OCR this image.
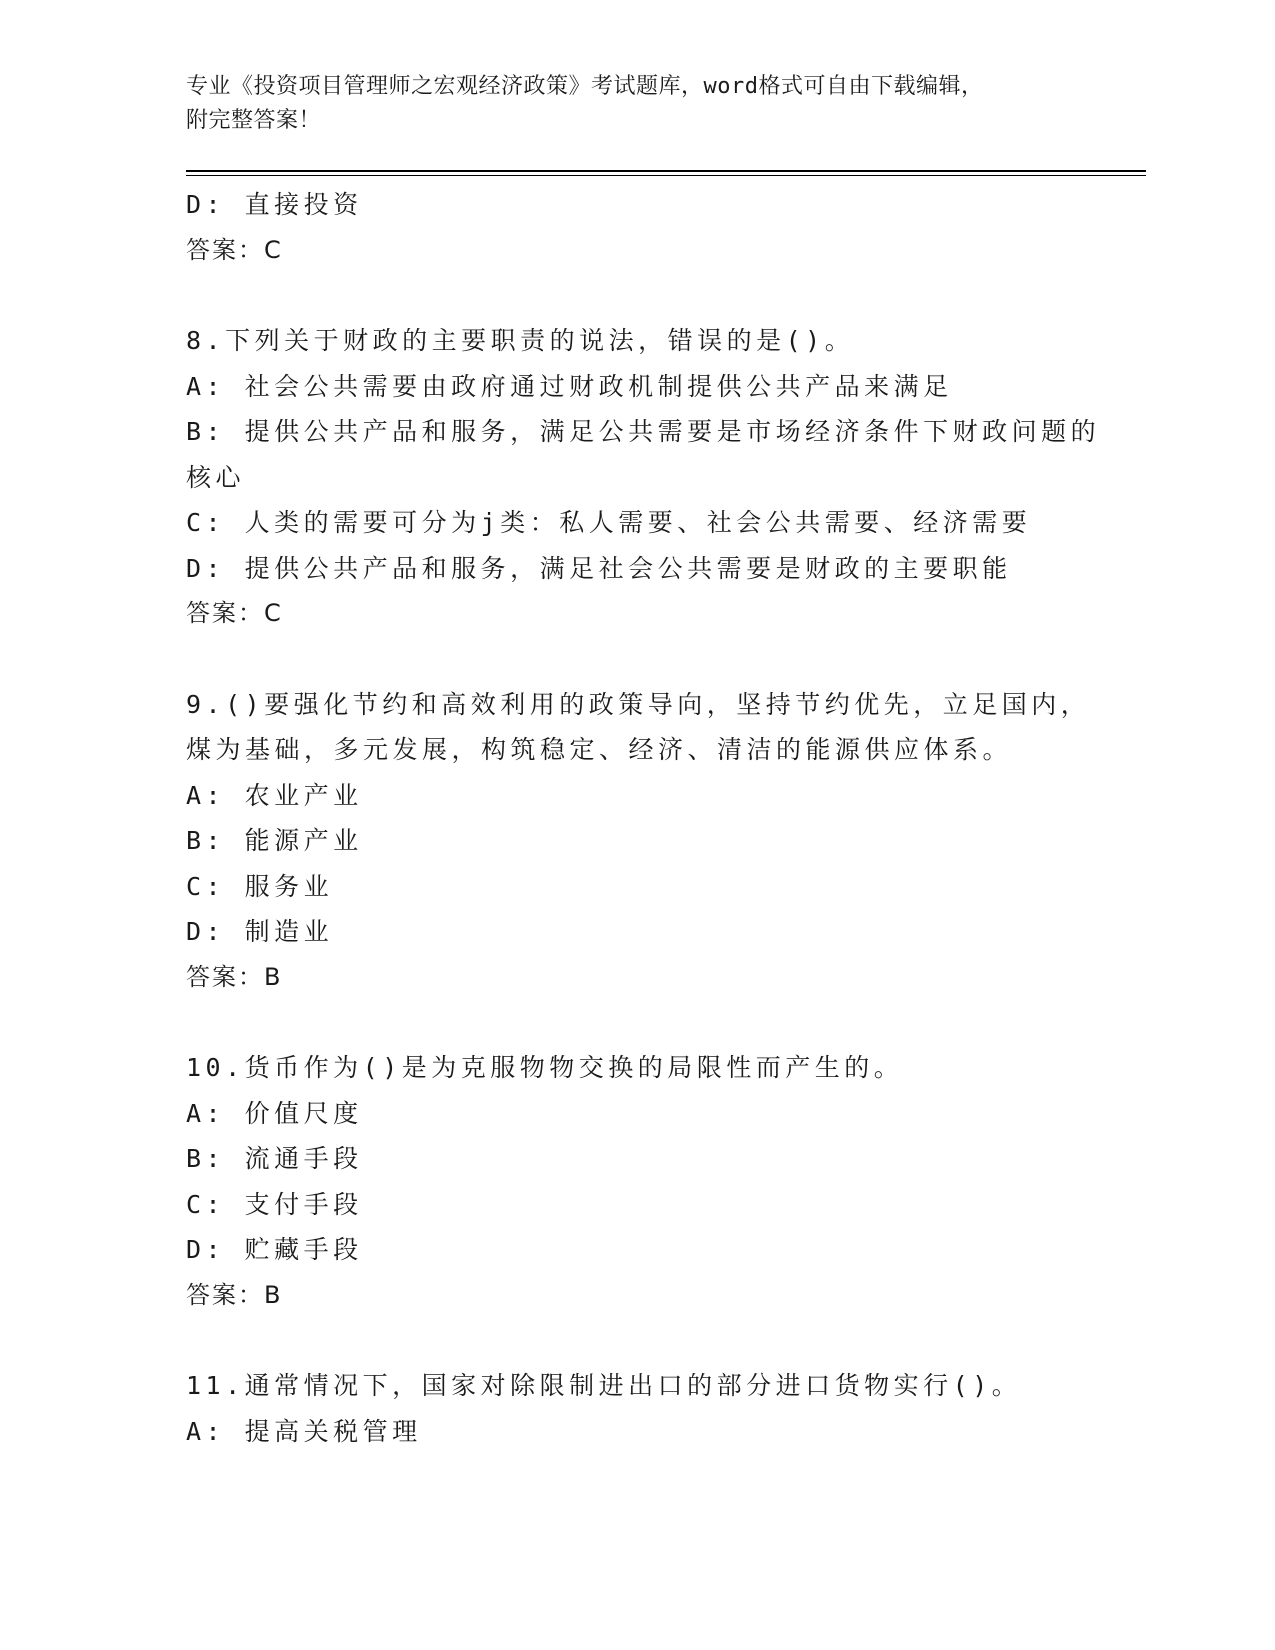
专业《投资项目管理师之宏观经济政策》考试题库，word格式可自由下载编辑，

附完整答案！

D: 直接投资

答案：C

8.下列关于财政的主要职责的说法，错误的是()。

A: 社会公共需要由政府通过财政机制提供公共产品来满足

B: 提供公共产品和服务，满足公共需要是市场经济条件下财政问题的

核心

C: 人类的需要可分为j类：私人需要、社会公共需要、经济需要

D: 提供公共产品和服务，满足社会公共需要是财政的主要职能

答案：C

9.()要强化节约和高效利用的政策导向，坚持节约优先，立足国内，

煤为基础，多元发展，构筑稳定、经济、清洁的能源供应体系。

A: 农业产业

B: 能源产业

C: 服务业

D: 制造业

答案：B

10.货币作为()是为克服物物交换的局限性而产生的。

A: 价值尺度

B: 流通手段

C: 支付手段

D: 贮藏手段

答案：B

11.通常情况下，国家对除限制进出口的部分进口货物实行()。

A: 提高关税管理
